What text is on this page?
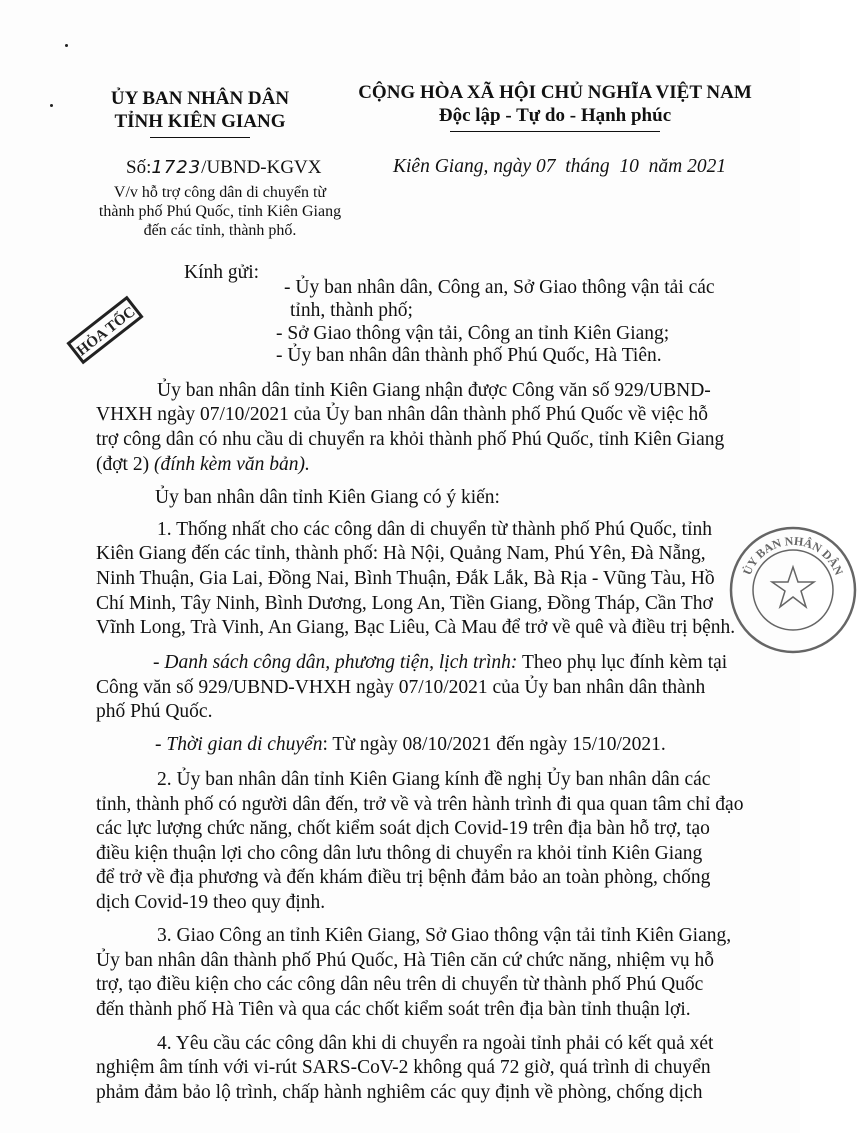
ỦY BAN NHÂN DÂN
TỈNH KIÊN GIANG
CỘNG HÒA XÃ HỘI CHỦ NGHĨA VIỆT NAM
Độc lập - Tự do - Hạnh phúc
Số:1723/UBND-KGVX
V/v hỗ trợ công dân di chuyển từ
thành phố Phú Quốc, tỉnh Kiên Giang
đến các tỉnh, thành phố.
Kiên Giang, ngày 07 tháng 10 năm 2021
HỎA TỐC
Kính gửi:
- Ủy ban nhân dân, Công an, Sở Giao thông vận tải các
tỉnh, thành phố;
- Sở Giao thông vận tải, Công an tỉnh Kiên Giang;
- Ủy ban nhân dân thành phố Phú Quốc, Hà Tiên.
Ủy ban nhân dân tỉnh Kiên Giang nhận được Công văn số 929/UBND-
VHXH ngày 07/10/2021 của Ủy ban nhân dân thành phố Phú Quốc về việc hỗ
trợ công dân có nhu cầu di chuyển ra khỏi thành phố Phú Quốc, tỉnh Kiên Giang
(đợt 2) (đính kèm văn bản).
Ủy ban nhân dân tỉnh Kiên Giang có ý kiến:
1. Thống nhất cho các công dân di chuyển từ thành phố Phú Quốc, tỉnh
Kiên Giang đến các tỉnh, thành phố: Hà Nội, Quảng Nam, Phú Yên, Đà Nẵng,
Ninh Thuận, Gia Lai, Đồng Nai, Bình Thuận, Đắk Lắk, Bà Rịa - Vũng Tàu, Hồ
Chí Minh, Tây Ninh, Bình Dương, Long An, Tiền Giang, Đồng Tháp, Cần Thơ
Vĩnh Long, Trà Vinh, An Giang, Bạc Liêu, Cà Mau để trở về quê và điều trị bệnh.
- Danh sách công dân, phương tiện, lịch trình: Theo phụ lục đính kèm tại
Công văn số 929/UBND-VHXH ngày 07/10/2021 của Ủy ban nhân dân thành
phố Phú Quốc.
- Thời gian di chuyển: Từ ngày 08/10/2021 đến ngày 15/10/2021.
2. Ủy ban nhân dân tỉnh Kiên Giang kính đề nghị Ủy ban nhân dân các
tỉnh, thành phố có người dân đến, trở về và trên hành trình đi qua quan tâm chỉ đạo
các lực lượng chức năng, chốt kiểm soát dịch Covid-19 trên địa bàn hỗ trợ, tạo
điều kiện thuận lợi cho công dân lưu thông di chuyển ra khỏi tỉnh Kiên Giang
để trở về địa phương và đến khám điều trị bệnh đảm bảo an toàn phòng, chống
dịch Covid-19 theo quy định.
3. Giao Công an tỉnh Kiên Giang, Sở Giao thông vận tải tỉnh Kiên Giang,
Ủy ban nhân dân thành phố Phú Quốc, Hà Tiên căn cứ chức năng, nhiệm vụ hỗ
trợ, tạo điều kiện cho các công dân nêu trên di chuyển từ thành phố Phú Quốc
đến thành phố Hà Tiên và qua các chốt kiểm soát trên địa bàn tỉnh thuận lợi.
4. Yêu cầu các công dân khi di chuyển ra ngoài tỉnh phải có kết quả xét
nghiệm âm tính với vi-rút SARS-CoV-2 không quá 72 giờ, quá trình di chuyển
phảm đảm bảo lộ trình, chấp hành nghiêm các quy định về phòng, chống dịch
ỦY BAN NHÂN DÂN
